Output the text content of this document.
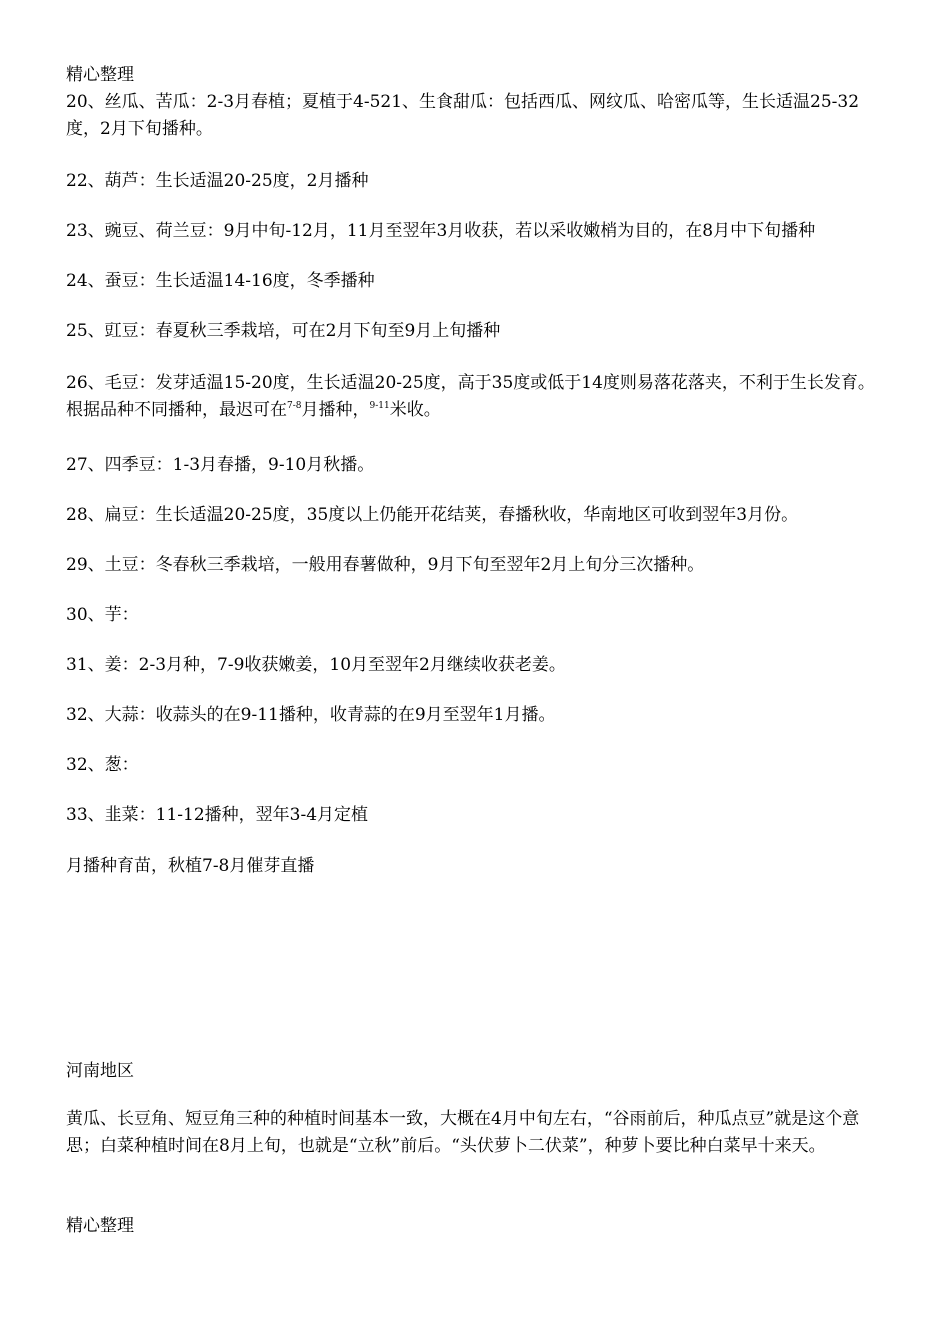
精心整理
20、丝瓜、苦瓜：2-3月春植；夏植于4-521、生食甜瓜：包括西瓜、网纹瓜、哈密瓜等，生长适温25-32度，2月下旬播种。
22、葫芦：生长适温20-25度，2月播种
23、豌豆、荷兰豆：9月中旬-12月，11月至翌年3月收获，若以采收嫩梢为目的，在8月中下旬播种
24、蚕豆：生长适温14-16度，冬季播种
25、豇豆：春夏秋三季栽培，可在2月下旬至9月上旬播种
26、毛豆：发芽适温15-20度，生长适温20-25度，高于35度或低于14度则易落花落夹，不利于生长发育。根据品种不同播种，最迟可在$^{7-8}$月播种，$^{9-11}$米收。
27、四季豆：1-3月春播，9-10月秋播。
28、扁豆：生长适温20-25度，35度以上仍能开花结荚，春播秋收，华南地区可收到翌年3月份。
29、土豆：冬春秋三季栽培，一般用春薯做种，9月下旬至翌年2月上旬分三次播种。
30、芋：
31、姜：2-3月种，7-9收获嫩姜，10月至翌年2月继续收获老姜。
32、大蒜：收蒜头的在9-11播种，收青蒜的在9月至翌年1月播。
32、葱：
33、韭菜：11-12播种，翌年3-4月定植
月播种育苗，秋植7-8月催芽直播
河南地区
黄瓜、长豆角、短豆角三种的种植时间基本一致，大概在4月中旬左右，“谷雨前后，种瓜点豆”就是这个意思；白菜种植时间在8月上旬，也就是“立秋”前后。“头伏萝卜二伏菜”，种萝卜要比种白菜早十来天。
精心整理
